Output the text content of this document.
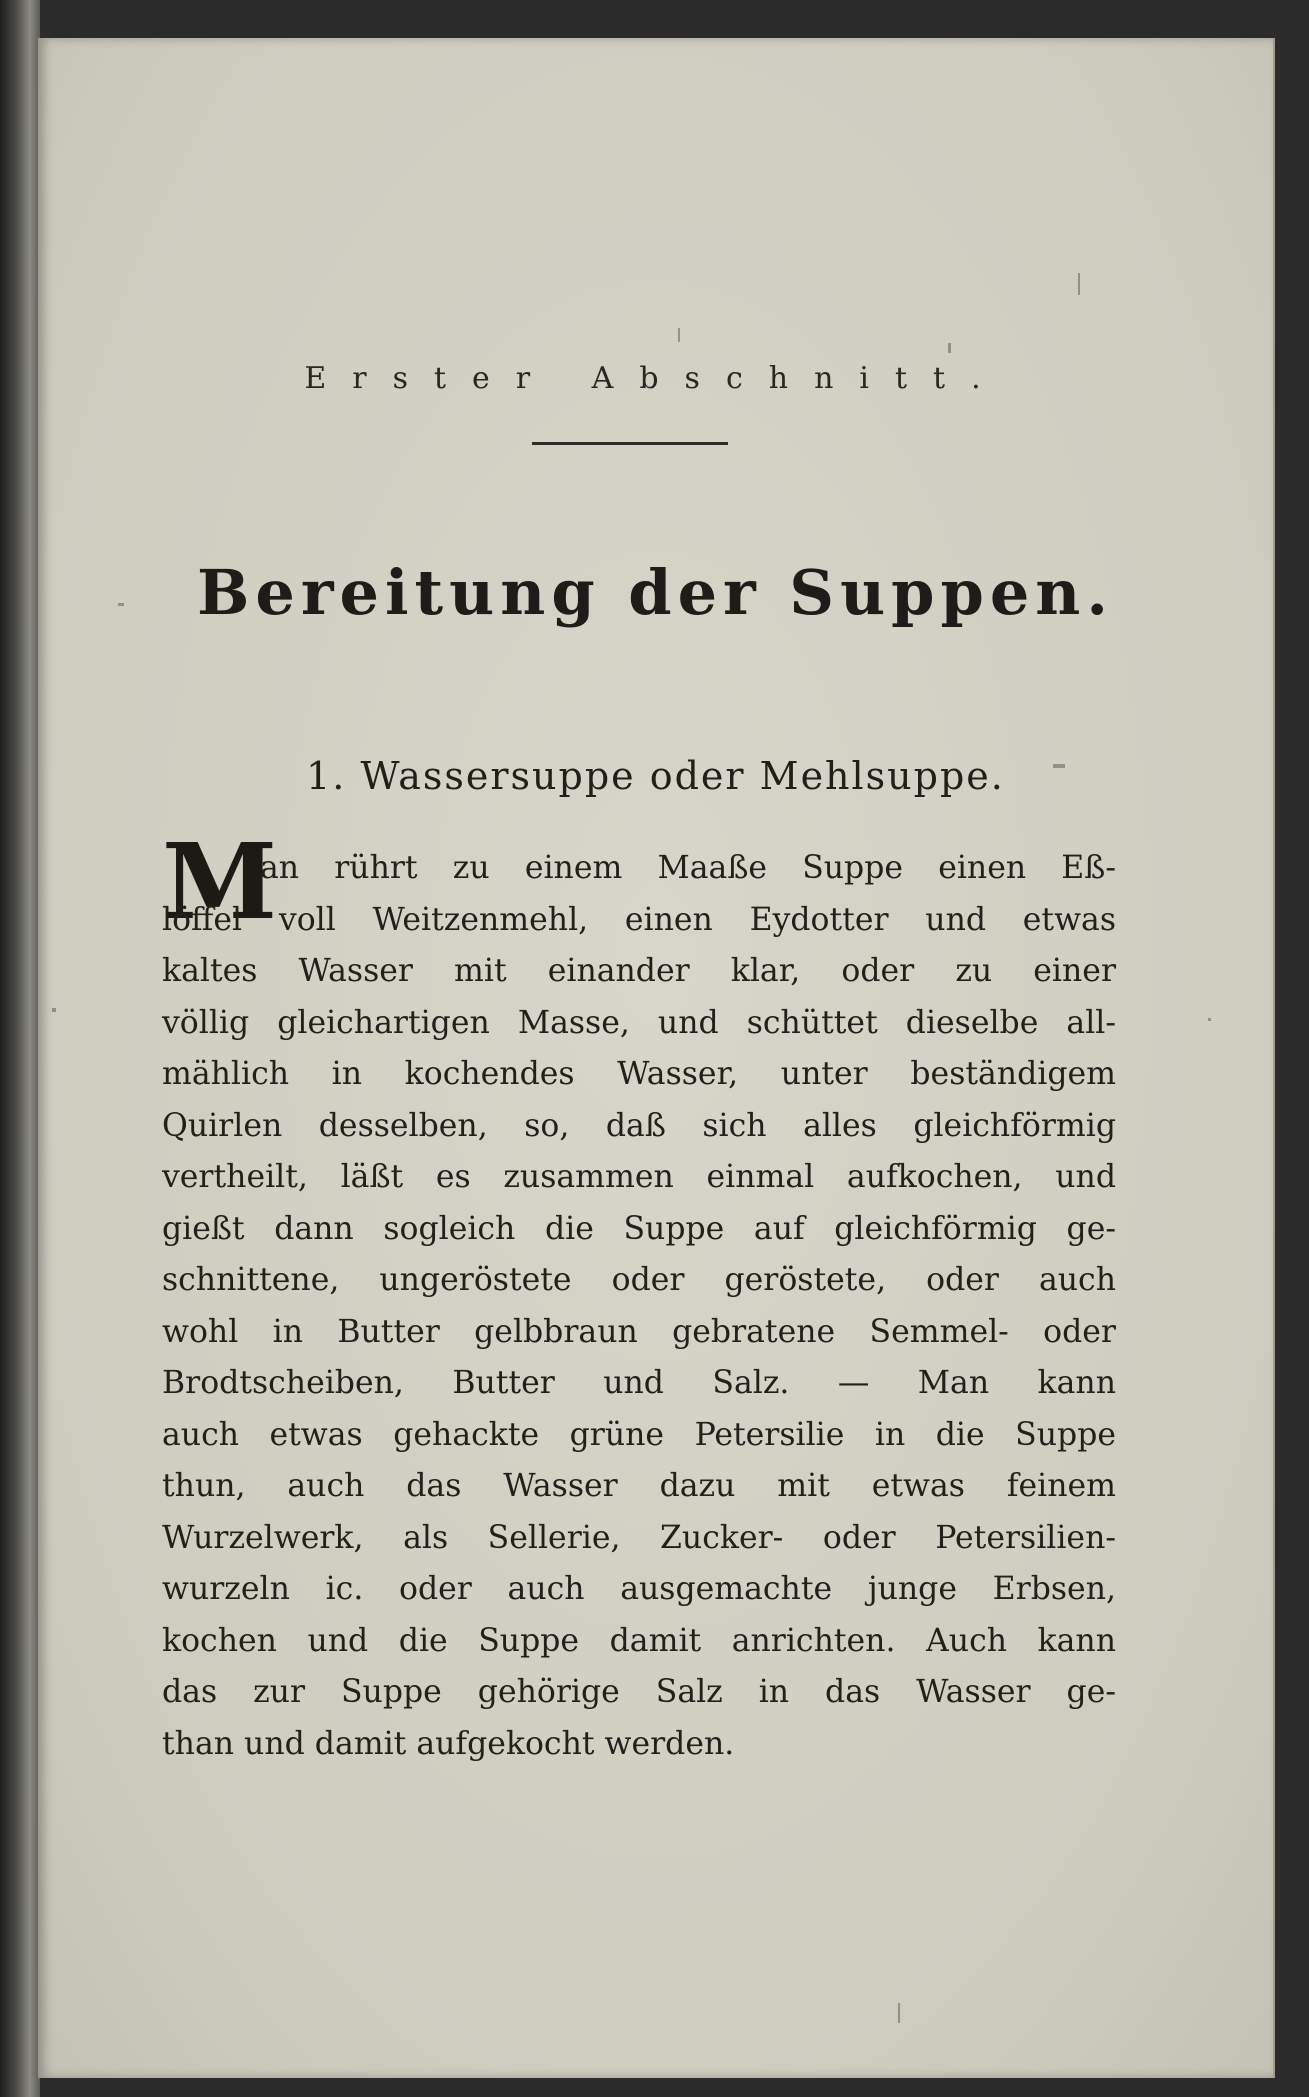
Erster Abschnitt.
Bereitung der Suppen.
1. Wassersuppe oder Mehlsuppe.
M
an rührt zu einem Maaße Suppe einen Eß-
löffel voll Weitzenmehl, einen Eydotter und etwas
kaltes Wasser mit einander klar, oder zu einer
völlig gleichartigen Masse, und schüttet dieselbe all-
mählich in kochendes Wasser, unter beständigem
Quirlen desselben, so, daß sich alles gleichförmig
vertheilt, läßt es zusammen einmal aufkochen, und
gießt dann sogleich die Suppe auf gleichförmig ge-
schnittene, ungeröstete oder geröstete, oder auch
wohl in Butter gelbbraun gebratene Semmel- oder
Brodtscheiben, Butter und Salz. — Man kann
auch etwas gehackte grüne Petersilie in die Suppe
thun, auch das Wasser dazu mit etwas feinem
Wurzelwerk, als Sellerie, Zucker- oder Petersilien-
wurzeln ic. oder auch ausgemachte junge Erbsen,
kochen und die Suppe damit anrichten. Auch kann
das zur Suppe gehörige Salz in das Wasser ge-
than und damit aufgekocht werden.
